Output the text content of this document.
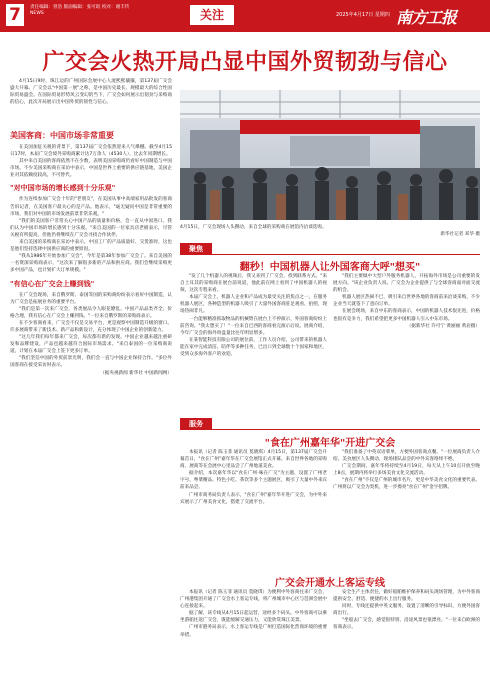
7	责任编辑：曾浩 版面编辑：张可珉 校对：谢丰传
NEWS	关注	2025年4月17日 星期四 南方工报
广交会火热开局凸显中国外贸韧劲与信心

4月15日9时，珠江边的广州国际会展中心人流熙熙攘攘，第137届广交会盛大开幕。广交会以"中国第一展"之称，是中国历史最长、规模最大的综合性国际贸易盛会。在国际贸易形势风云变幻的当下，广交会如何展示出韧劲与采购商的信心，此次开局展示出中国外贸的韧性与信心。

美国客商：中国市场非常重要

在美国加征关税的背景下，第137届广交会依然迎来人气爆棚。截至4月15日17时，本届广交会境外采购商累计达7万余人（4530人），比去年同期增长。

其中来自美国的客商依然不在少数，表明美国采购商仍看好中国制造与中国市场。不少美国采购商在采访中表示，中国是世界上重要的供应链基地，美国企业对其依赖度较高，不可替代。

"对中国市场的增长感到十分乐观"

作为连续参加广交会十年的"老朋友"，在美国从事中高端家用品批发的客商告诉记者，在美国客户最关心的是产品。他表示，"毫无疑问中国是非常重要的市场，我们对中国的市场发展前景非常乐观。"

"我们的美国客户非常关心中国产品的质量和价格，会一直从中国进口。我们认为中国市场的增长感到十分乐观。"来自美国的一位家具店老板表示，尽管关税有所提高，但他仍将继续在广交会寻找合作伙伴。

来自美国的采购商在采访中表示，中国工厂的产品质量好、交货准时，这也是他们坚持选择中国供应商的重要原因。

"我从1986年开始参加广交会"，今年是第38年参加广交会了。来自美国的一名资深采购商表示，"这次来了解很多新的产品和供应商。我们会继续采购更多中国产品，也计划扩大订单规模。"

"有信心在广交会上赚到钱"

在广交会现场，来自俄罗斯、泰国等国的采购商纷纷表示看好中国制造，认为广交会是拓展业务的重要平台。

"我们是第一次来广交会，各类展品令人眼花缭乱。中国产品品类齐全、价格合理，我有信心在广交会上赚到钱。"一位来自俄罗斯的采购商表示。

在不少客商看来，广交会不仅是交易平台，更是观察中国制造升级的窗口。许多展商带来了新技术、新产品和新设计，充分体现了中国企业的创新能力。

"这几年我们每年都来广交会，每次都有新的发现。中国企业越来越注重研发和品牌建设，产品也越来越符合国际市场需求。"来自泰国的一位采购商说道，计划在本届广交会上签下更多订单。

"我们坚信中国的外贸前景光明，我们会一直与中国企业保持合作。"多位外国客商在接受采访时表示。

（据央视新闻 新华社 中国新闻网）
4月15日，广交会现场人头攒动，来自全球的采购商在展馆内洽谈选购。
新华社记者 邓华 摄
聚焦
翻秒！中国机器人让外国客商大呼"想买"

"发了几个机器人的视频后，我又来到了广交会，找到联系方式。"来自土耳其的采购商在展台前说道，他此前在网上看到了中国机器人的视频，这次专程来看。

本届广交会上，机器人企业和产品成为最受关注的焦点之一。在服务机器人展区，各种造型的机器人吸引了大量外国客商驻足观看、拍照，现场热闹非凡。

一台能够精准抓取物品的机械臂在展台上不停演示，外国客商纷纷上前咨询。"我太想买了！"一位来自巴西的客商看完演示后说。展商介绍，今年广交会的海外询盘量比往年明显增多。

在某智能科技有限公司的展位前，工作人员介绍，公司带来的机器人能在家中完成清洁、陪伴等多种任务，已出口到全球数十个国家和地区，受到众多海外客户的欢迎。

"我们主要做中大型户外服务机器人，开拓海外市场是公司重要的发展方向。"该企业负责人说。广交会为企业提供了与全球客商面对面交流的机会。

机器人展区热闹不已，吸引来自世界各地的客商前来洽谈采购，不少企业当天就签下了意向订单。

在展会现场，来自中东的客商表示，中国的机器人技术很先进，价格也很有竞争力，我们希望把更多中国机器人引入中东市场。

（据新华社 许可宁 黄丽丽 黄岩摄）
服务
"食在广州嘉年华"开进广交会

本报讯（记者 陈玉菲 通讯员 莫晓琪）4月15日，第137届广交会开幕首日，"食在广州"嘉年华在广交会展馆正式开幕。来自世界各地的采购商、展商等在会展中心里品尝了广州地道美食。

据介绍，本次嘉年华以"食在广州·味在广交"为主题，设置了广州老字号、粤菜精品、特色小吃、茶饮等多个主题展区，吸引了大量中外来宾前来品尝。

广州市商务局负责人表示，"食在广州"嘉年华开进广交会，为中外来宾展示了广州美食文化，搭建了交流平台。

"我们准备了中英双语菜单，方便外国客商点餐。"一位展商负责人介绍。美食展区人头攒动，现场排队品尝的中外宾客络绎不绝。

广交会期间，嘉年华将持续至4月19日，每天从上午10点开放至晚上8点，展期内将举行多场美食文化交流活动。

"食在广州"不仅是广州的城市名片，更是中华美食文化的重要代表。广州将以广交会为契机，进一步擦亮"食在广州"金字招牌。

广交会开通水上客运专线

本报讯（记者 陈玉菲 通讯员 莫晓琪）为便利中外客商往来广交会，广州港集团开通了广交会水上客运专线，将广州城市中心区与琶洲会展中心连接起来。

据了解，该专线从4月15日起运营，途经多个码头。中外客商可以乘坐游船往返广交会，既能缓解交通压力，又能欣赏珠江美景。

广州市港务局表示，水上客运专线是广州打造国际化营商环境的重要举措。

安全生产主体责任，做好船舶维护保养和码头现场管理，为中外客商提供安全、舒适、便捷的水上出行服务。

同时，专线还提供中英文服务，设置了清晰的引导标识，方便外国客商出行。

"坐船去广交会，感觉很特别，沿途风景也很漂亮。"一位来自欧洲的客商表示。
